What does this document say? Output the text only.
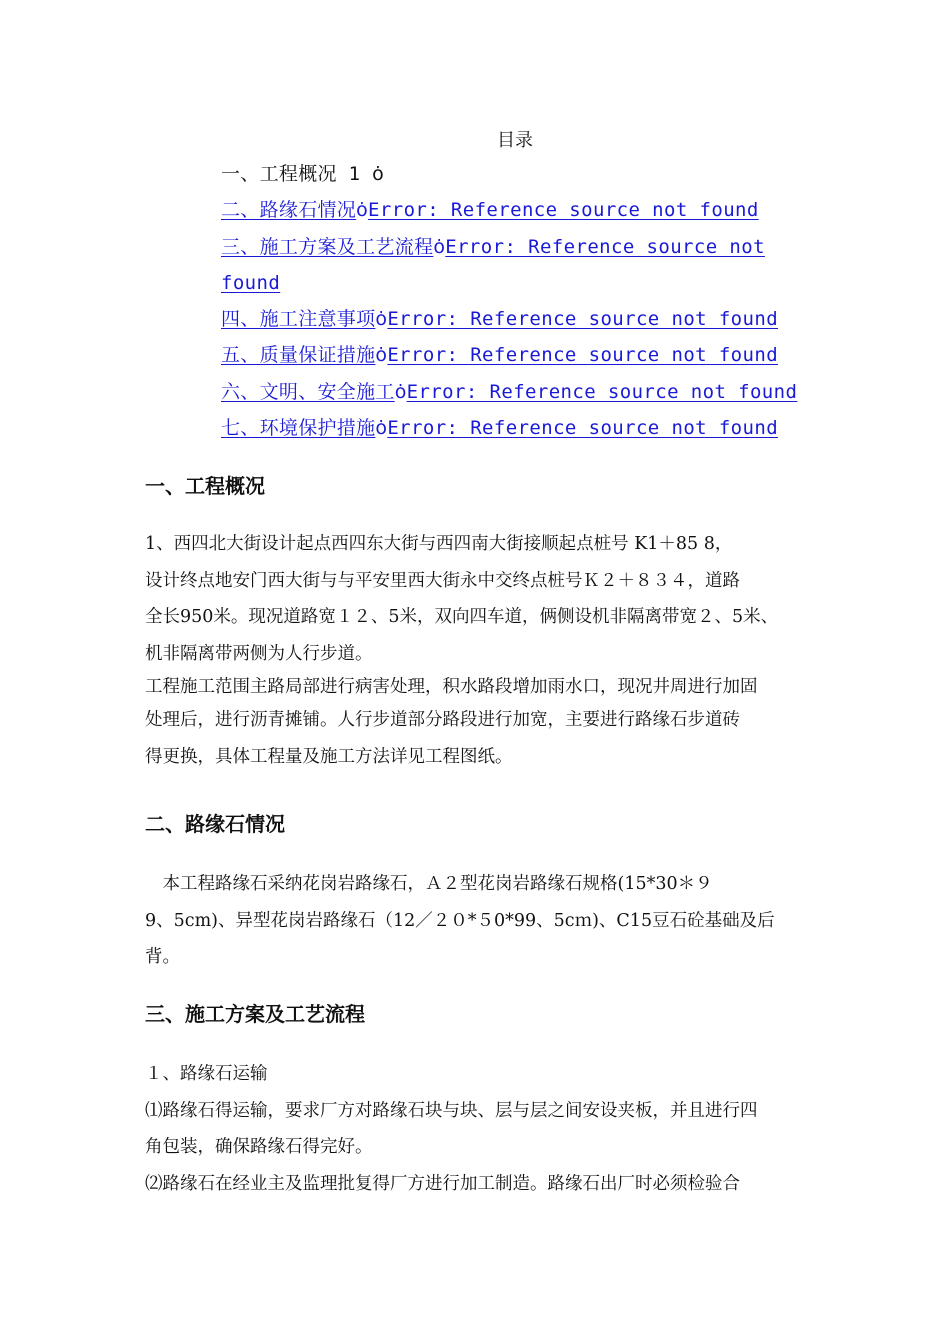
目录
一、工程概况 1 ȯ
二、路缘石情况ȯError: Reference source not found
三、施工方案及工艺流程ȯError: Reference source not
found
四、施工注意事项ȯError: Reference source not found
五、质量保证措施ȯError: Reference source not found
六、文明、安全施工ȯError: Reference source not found
七、环境保护措施ȯError: Reference source not found
一、工程概况
1、西四北大街设计起点西四东大街与西四南大街接顺起点桩号 K1＋85 8，
设计终点地安门西大街与与平安里西大街永中交终点桩号Ｋ２＋８３４，道路
全长950米。现况道路宽１２、5米，双向四车道，俩侧设机非隔离带宽２、5米、
机非隔离带两侧为人行步道。
工程施工范围主路局部进行病害处理，积水路段增加雨水口，现况井周进行加固
处理后，进行沥青摊铺。人行步道部分路段进行加宽，主要进行路缘石步道砖
得更换，具体工程量及施工方法详见工程图纸。
二、路缘石情况
　本工程路缘石采纳花岗岩路缘石，Ａ２型花岗岩路缘石规格(15*30＊９
9、5cm)、异型花岗岩路缘石（12／２０*５0*99、5cｍ)、C15豆石砼基础及后
背。
三、施工方案及工艺流程
１、路缘石运输
⑴路缘石得运输，要求厂方对路缘石块与块、层与层之间安设夹板，并且进行四
角包装，确保路缘石得完好。
⑵路缘石在经业主及监理批复得厂方进行加工制造。路缘石出厂时必须检验合
